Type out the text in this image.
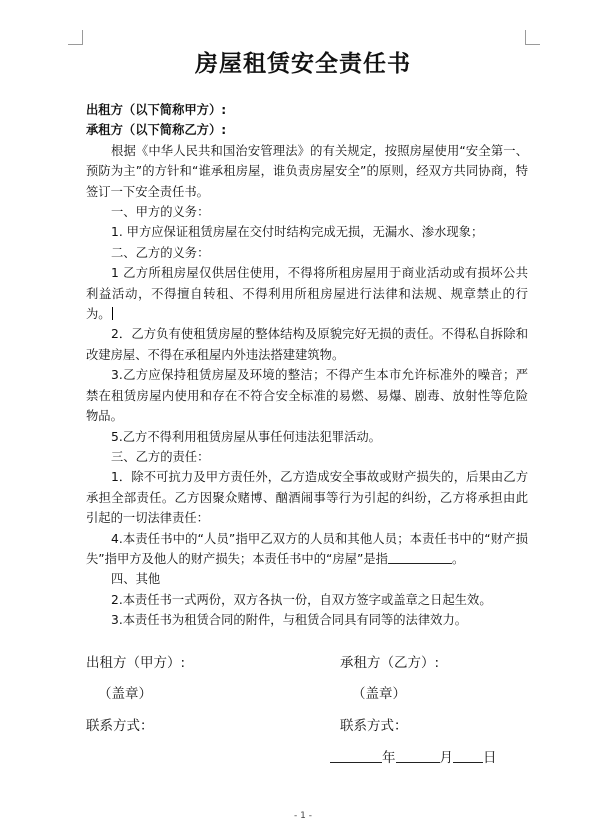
房屋租赁安全责任书

出租方（以下简称甲方）:

承租方（以下简称乙方）:

根据《中华人民共和国治安管理法》的有关规定，按照房屋使用“安全第一、预防为主”的方针和“谁承租房屋，谁负责房屋安全”的原则，经双方共同协商，特签订一下安全责任书。

一、甲方的义务：

1. 甲方应保证租赁房屋在交付时结构完成无损，无漏水、渗水现象；

二、乙方的义务：

1 乙方所租房屋仅供居住使用，不得将所租房屋用于商业活动或有损坏公共利益活动，不得擅自转租、不得利用所租房屋进行法律和法规、规章禁止的行为。

2．乙方负有使租赁房屋的整体结构及原貌完好无损的责任。不得私自拆除和改建房屋、不得在承租屋内外违法搭建建筑物。

3.乙方应保持租赁房屋及环境的整洁；不得产生本市允许标准外的噪音；严禁在租赁房屋内使用和存在不符合安全标准的易燃、易爆、剧毒、放射性等危险物品。

5.乙方不得利用租赁房屋从事任何违法犯罪活动。

三、乙方的责任：

1．除不可抗力及甲方责任外，乙方造成安全事故或财产损失的，后果由乙方承担全部责任。乙方因聚众赌博、酗酒闹事等行为引起的纠纷，乙方将承担由此引起的一切法律责任：

4.本责任书中的“人员”指甲乙双方的人员和其他人员；本责任书中的“财产损失”指甲方及他人的财产损失；本责任书中的“房屋”是指	。

四、其他

2.本责任书一式两份，双方各执一份，自双方签字或盖章之日起生效。

3.本责任书为租赁合同的附件，与租赁合同具有同等的法律效力。

出租方（甲方）:	承租方（乙方）:
（盖章）	（盖章）
联系方式：	联系方式：
年	月 日
- 1 -
